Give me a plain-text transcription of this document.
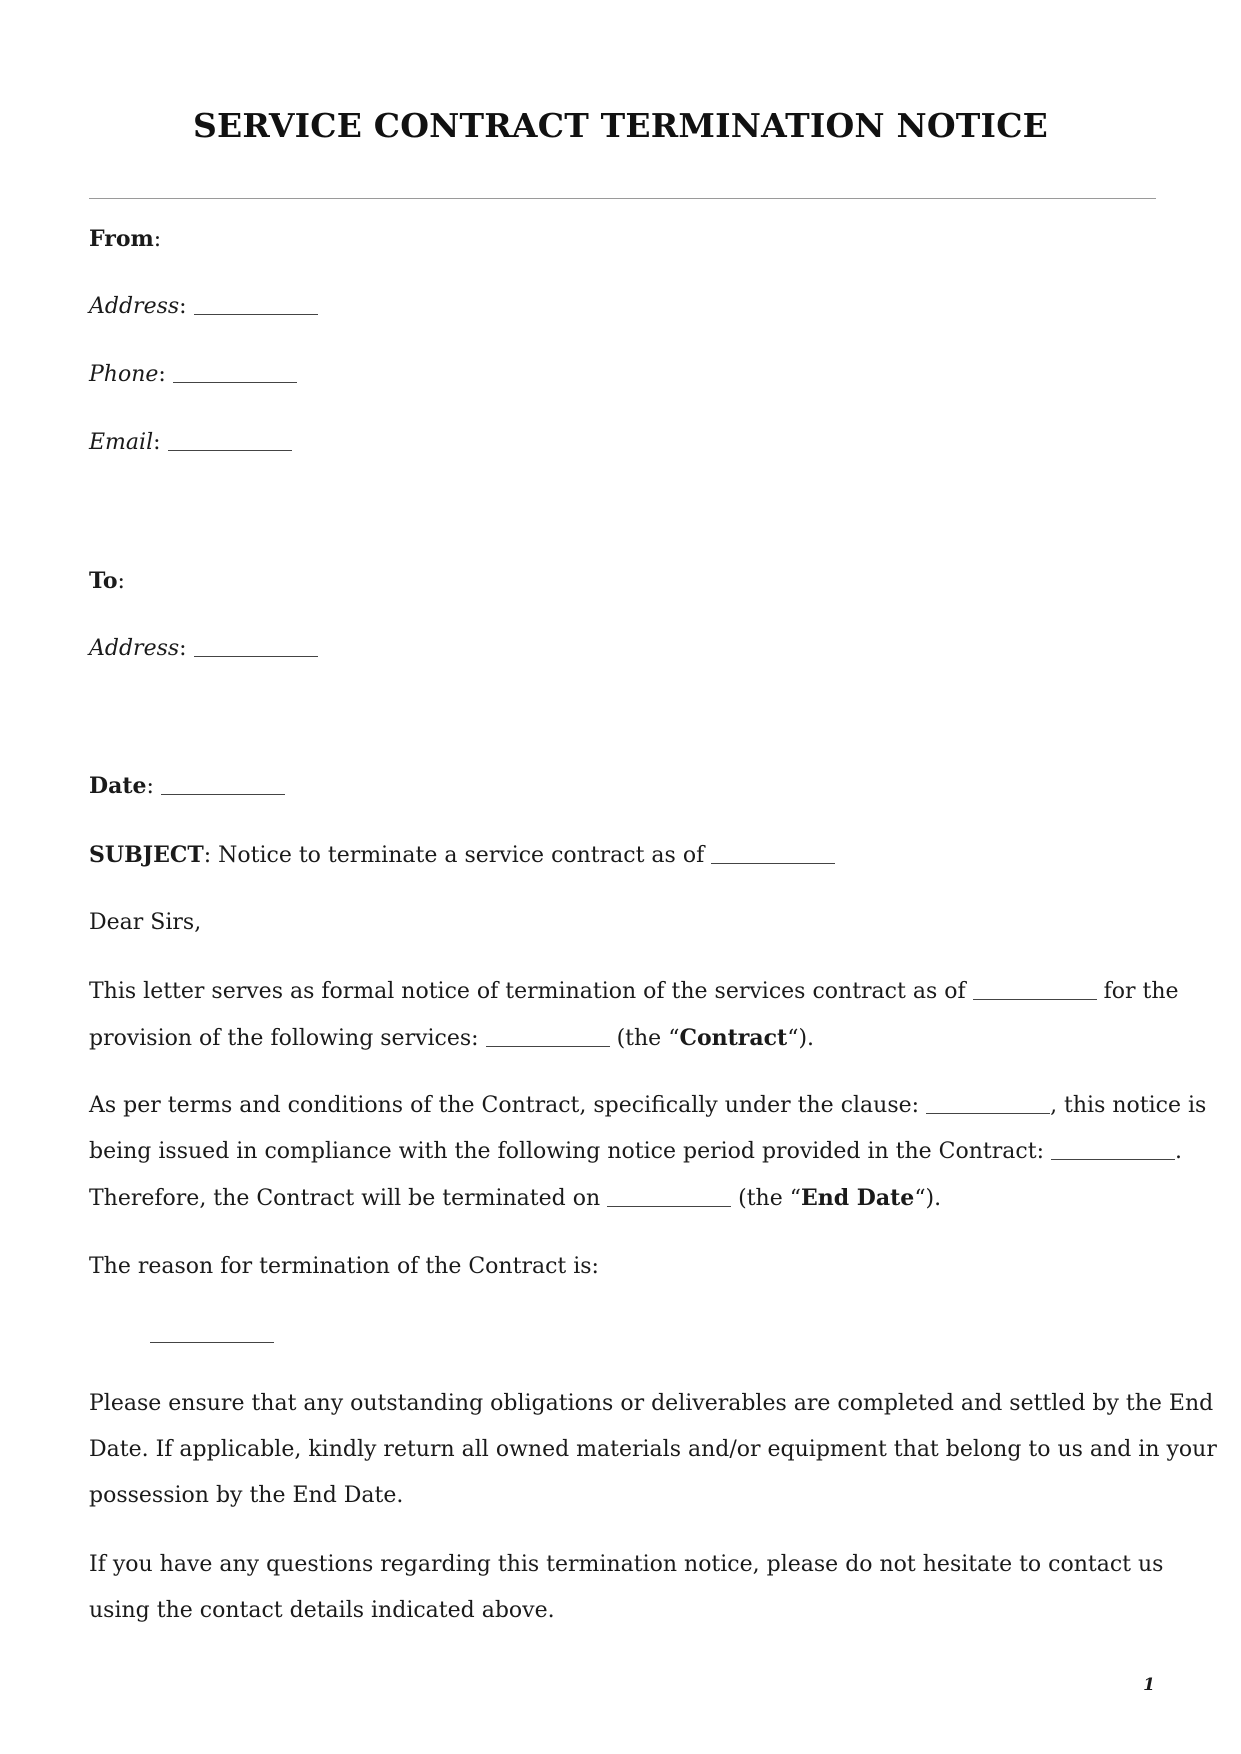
SERVICE CONTRACT TERMINATION NOTICE
From:
Address:
Phone:
Email:
To:
Address:
Date:
SUBJECT: Notice to terminate a service contract as of
Dear Sirs,
This letter serves as formal notice of termination of the services contract as of	for the
provision of the following services:	(the “Contract“).
As per terms and conditions of the Contract, specifically under the clause:	, this notice is
being issued in compliance with the following notice period provided in the Contract:	.
Therefore, the Contract will be terminated on	(the “End Date“).
The reason for termination of the Contract is:
Please ensure that any outstanding obligations or deliverables are completed and settled by the End
Date. If applicable, kindly return all owned materials and/or equipment that belong to us and in your
possession by the End Date.
If you have any questions regarding this termination notice, please do not hesitate to contact us
using the contact details indicated above.
1
